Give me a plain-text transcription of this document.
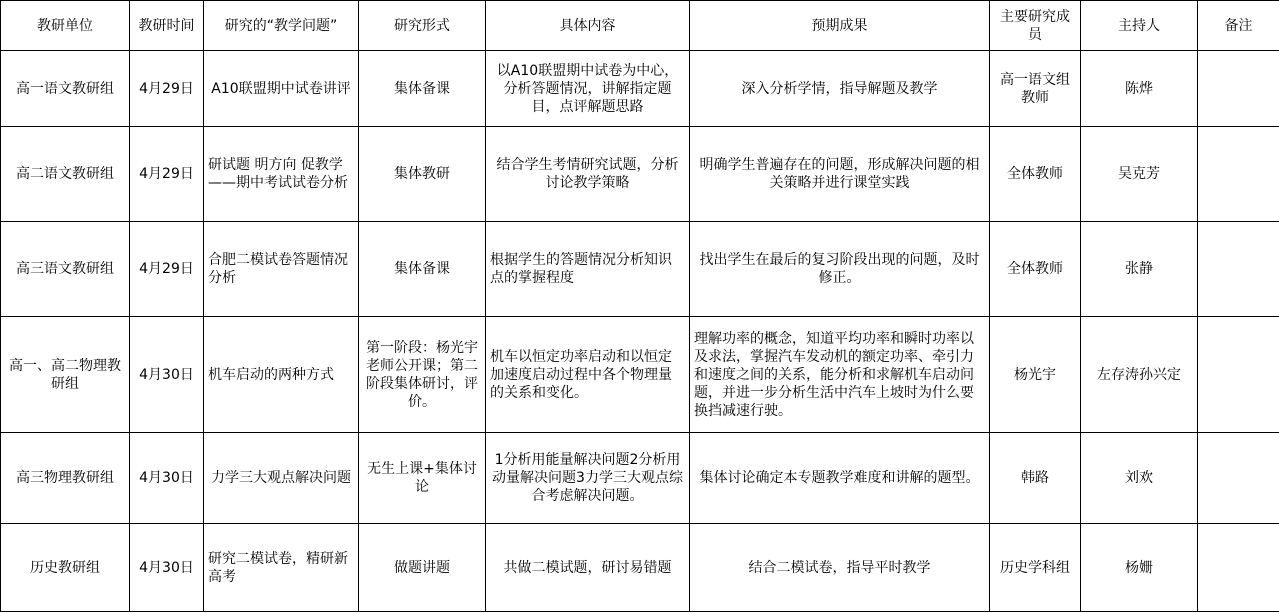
教研单位	教研时间	研究的“教学问题”	研究形式	具体内容	预期成果	主要研究成员	主持人	备注
高一语文教研组	4月29日	A10联盟期中试卷讲评	集体备课	以A10联盟期中试卷为中心，分析答题情况，讲解指定题目，点评解题思路	深入分析学情，指导解题及教学	高一语文组教师	陈烨	
高二语文教研组	4月29日	研试题 明方向 促教学——期中考试试卷分析	集体教研	结合学生考情研究试题，分析讨论教学策略	明确学生普遍存在的问题，形成解决问题的相关策略并进行课堂实践	全体教师	吴克芳	
高三语文教研组	4月29日	合肥二模试卷答题情况分析	集体备课	根据学生的答题情况分析知识点的掌握程度	找出学生在最后的复习阶段出现的问题，及时修正。	全体教师	张静	
高一、高二物理教研组	4月30日	机车启动的两种方式	第一阶段：杨光宇老师公开课；第二阶段集体研讨，评价。	机车以恒定功率启动和以恒定加速度启动过程中各个物理量的关系和变化。	理解功率的概念，知道平均功率和瞬时功率以及求法，掌握汽车发动机的额定功率、牵引力和速度之间的关系，能分析和求解机车启动问题，并进一步分析生活中汽车上坡时为什么要换挡减速行驶。	杨光宇	左存涛孙兴定	
高三物理教研组	4月30日	力学三大观点解决问题	无生上课+集体讨论	1分析用能量解决问题2分析用动量解决问题3力学三大观点综合考虑解决问题。	集体讨论确定本专题教学难度和讲解的题型。	韩路	刘欢	
历史教研组	4月30日	研究二模试卷，精研新高考	做题讲题	共做二模试题，研讨易错题	结合二模试卷，指导平时教学	历史学科组	杨姗	
